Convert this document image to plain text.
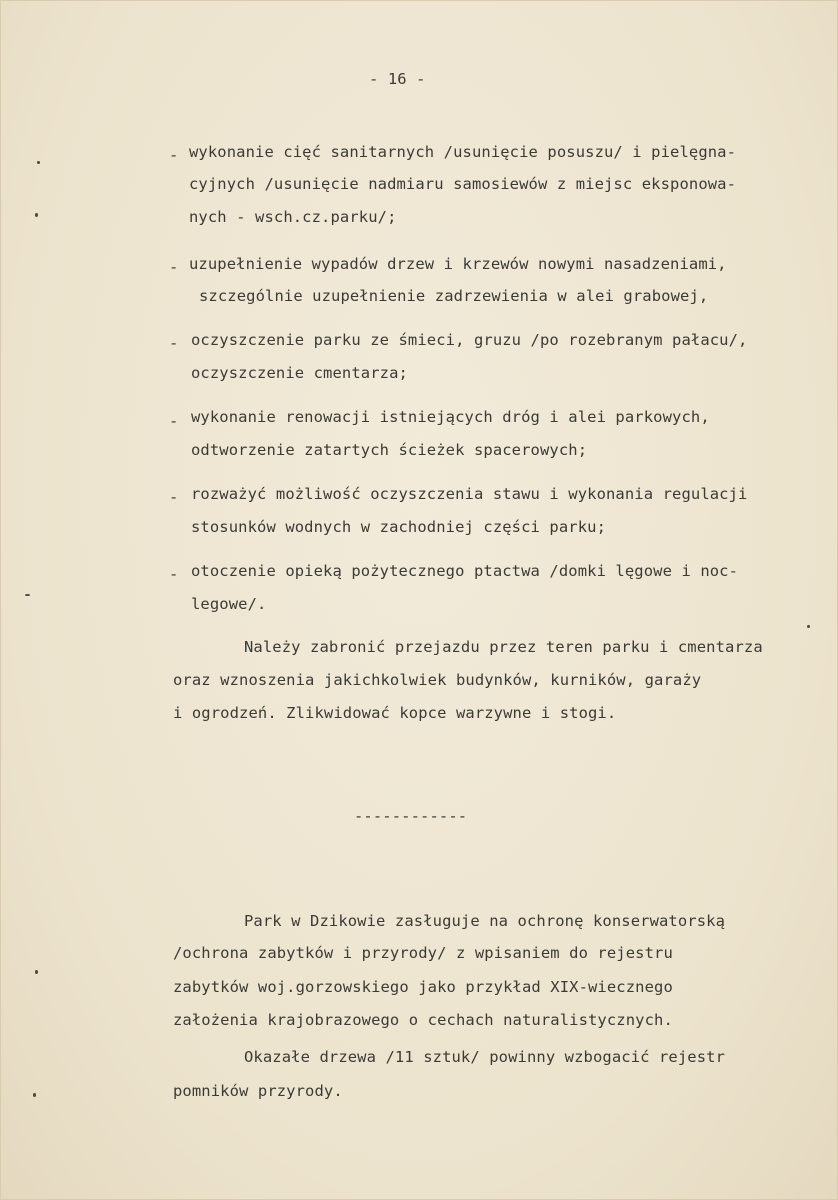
- 16 -
- wykonanie cięć sanitarnych /usunięcie posuszu/ i pielęgna-
cyjnych /usunięcie nadmiaru samosiewów z miejsc eksponowa-
nych - wsch.cz.parku/;
- uzupełnienie wypadów drzew i krzewów nowymi nasadzeniami,
szczególnie uzupełnienie zadrzewienia w alei grabowej,
- oczyszczenie parku ze śmieci, gruzu /po rozebranym pałacu/,
oczyszczenie cmentarza;
- wykonanie renowacji istniejących dróg i alei parkowych,
odtworzenie zatartych ścieżek spacerowych;
- rozważyć możliwość oczyszczenia stawu i wykonania regulacji
stosunków wodnych w zachodniej części parku;
- otoczenie opieką pożytecznego ptactwa /domki lęgowe i noc-
legowe/.
Należy zabronić przejazdu przez teren parku i cmentarza
oraz wznoszenia jakichkolwiek budynków, kurników, garaży
i ogrodzeń. Zlikwidować kopce warzywne i stogi.
------------
Park w Dzikowie zasługuje na ochronę konserwatorską
/ochrona zabytków i przyrody/ z wpisaniem do rejestru
zabytków woj.gorzowskiego jako przykład XIX-wiecznego
założenia krajobrazowego o cechach naturalistycznych.
Okazałe drzewa /11 sztuk/ powinny wzbogacić rejestr
pomników przyrody.
